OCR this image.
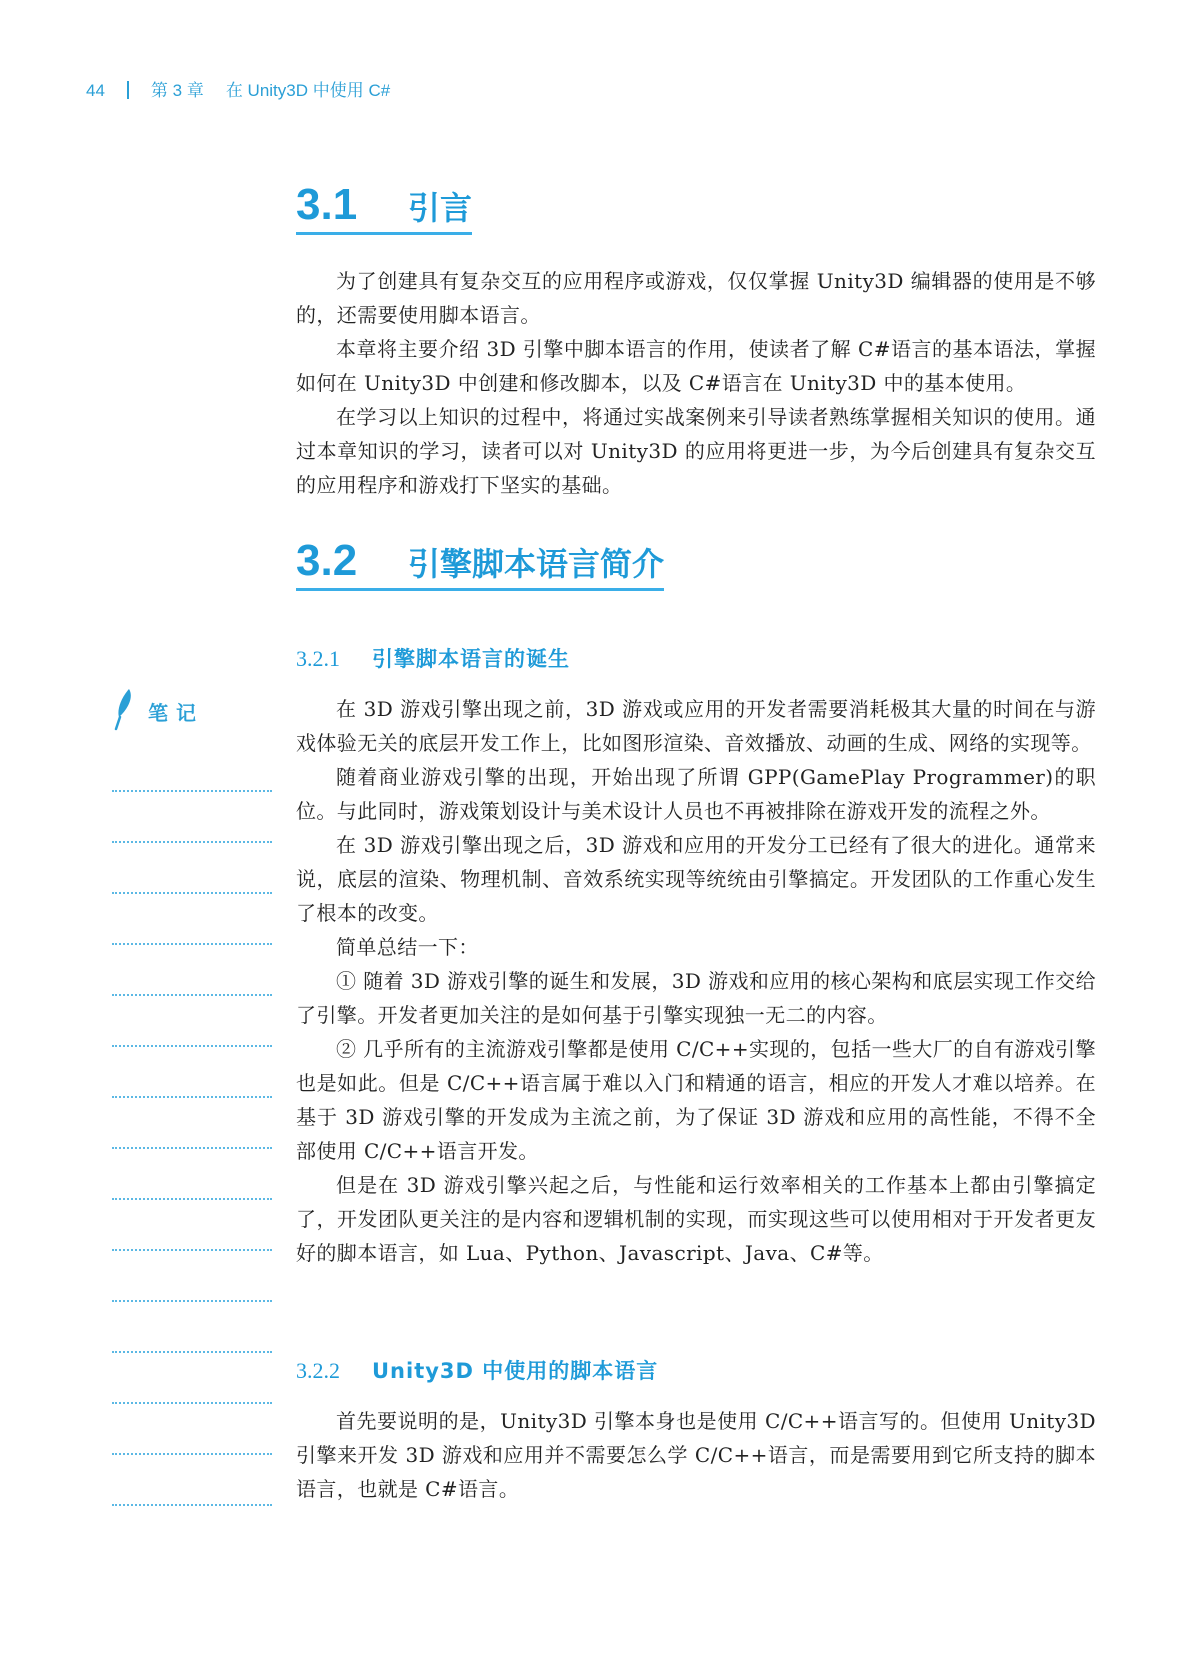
44	第 3 章 在 Unity3D 中使用 C#
3.1 引言

为了创建具有复杂交互的应用程序或游戏，仅仅掌握 Unity3D 编辑器的使用是不够的，还需要使用脚本语言。

本章将主要介绍 3D 引擎中脚本语言的作用，使读者了解 C#语言的基本语法，掌握如何在 Unity3D 中创建和修改脚本，以及 C#语言在 Unity3D 中的基本使用。

在学习以上知识的过程中，将通过实战案例来引导读者熟练掌握相关知识的使用。通过本章知识的学习，读者可以对 Unity3D 的应用将更进一步，为今后创建具有复杂交互的应用程序和游戏打下坚实的基础。

3.2 引擎脚本语言简介
3.2.1 引擎脚本语言的诞生

在 3D 游戏引擎出现之前，3D 游戏或应用的开发者需要消耗极其大量的时间在与游戏体验无关的底层开发工作上，比如图形渲染、音效播放、动画的生成、网络的实现等。

随着商业游戏引擎的出现，开始出现了所谓 GPP(GamePlay Programmer)的职位。与此同时，游戏策划设计与美术设计人员也不再被排除在游戏开发的流程之外。

在 3D 游戏引擎出现之后，3D 游戏和应用的开发分工已经有了很大的进化。通常来说，底层的渲染、物理机制、音效系统实现等统统由引擎搞定。开发团队的工作重心发生了根本的改变。

简单总结一下：

① 随着 3D 游戏引擎的诞生和发展，3D 游戏和应用的核心架构和底层实现工作交给了引擎。开发者更加关注的是如何基于引擎实现独一无二的内容。

② 几乎所有的主流游戏引擎都是使用 C/C++实现的，包括一些大厂的自有游戏引擎也是如此。但是 C/C++语言属于难以入门和精通的语言，相应的开发人才难以培养。在基于 3D 游戏引擎的开发成为主流之前，为了保证 3D 游戏和应用的高性能，不得不全部使用 C/C++语言开发。

但是在 3D 游戏引擎兴起之后，与性能和运行效率相关的工作基本上都由引擎搞定了，开发团队更关注的是内容和逻辑机制的实现，而实现这些可以使用相对于开发者更友好的脚本语言，如 Lua、Python、Javascript、Java、C#等。

3.2.2 Unity3D 中使用的脚本语言

首先要说明的是，Unity3D 引擎本身也是使用 C/C++语言写的。但使用 Unity3D 引擎来开发 3D 游戏和应用并不需要怎么学 C/C++语言，而是需要用到它所支持的脚本语言，也就是 C#语言。

笔记
